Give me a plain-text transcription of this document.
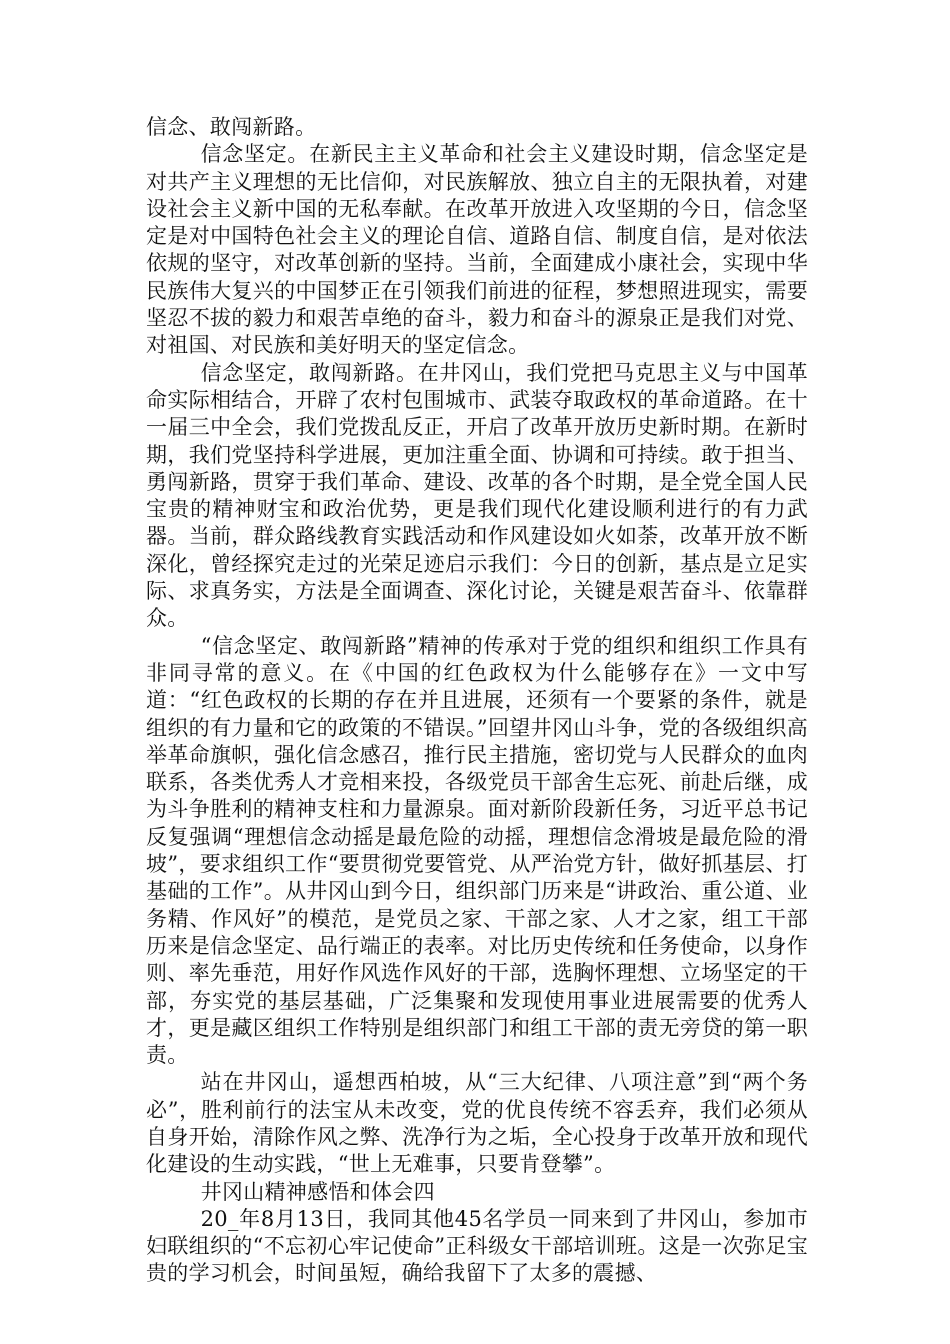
信念、敢闯新路。

信念坚定。在新民主主义革命和社会主义建设时期，信念坚定是对共产主义理想的无比信仰，对民族解放、独立自主的无限执着，对建设社会主义新中国的无私奉献。在改革开放进入攻坚期的今日，信念坚定是对中国特色社会主义的理论自信、道路自信、制度自信，是对依法依规的坚守，对改革创新的坚持。当前，全面建成小康社会，实现中华民族伟大复兴的中国梦正在引领我们前进的征程，梦想照进现实，需要坚忍不拔的毅力和艰苦卓绝的奋斗，毅力和奋斗的源泉正是我们对党、对祖国、对民族和美好明天的坚定信念。

信念坚定，敢闯新路。在井冈山，我们党把马克思主义与中国革命实际相结合，开辟了农村包围城市、武装夺取政权的革命道路。在十一届三中全会，我们党拨乱反正，开启了改革开放历史新时期。在新时期，我们党坚持科学进展，更加注重全面、协调和可持续。敢于担当、勇闯新路，贯穿于我们革命、建设、改革的各个时期，是全党全国人民宝贵的精神财宝和政治优势，更是我们现代化建设顺利进行的有力武器。当前，群众路线教育实践活动和作风建设如火如荼，改革开放不断深化，曾经探究走过的光荣足迹启示我们：今日的创新，基点是立足实际、求真务实，方法是全面调查、深化讨论，关键是艰苦奋斗、依靠群众。

“信念坚定、敢闯新路”精神的传承对于党的组织和组织工作具有非同寻常的意义。在《中国的红色政权为什么能够存在》一文中写道：“红色政权的长期的存在并且进展，还须有一个要紧的条件，就是组织的有力量和它的政策的不错误。”回望井冈山斗争，党的各级组织高举革命旗帜，强化信念感召，推行民主措施，密切党与人民群众的血肉联系，各类优秀人才竞相来投，各级党员干部舍生忘死、前赴后继，成为斗争胜利的精神支柱和力量源泉。面对新阶段新任务，习近平总书记反复强调“理想信念动摇是最危险的动摇，理想信念滑坡是最危险的滑坡”，要求组织工作“要贯彻党要管党、从严治党方针，做好抓基层、打基础的工作”。从井冈山到今日，组织部门历来是“讲政治、重公道、业务精、作风好”的模范，是党员之家、干部之家、人才之家，组工干部历来是信念坚定、品行端正的表率。对比历史传统和任务使命，以身作则、率先垂范，用好作风选作风好的干部，选胸怀理想、立场坚定的干部，夯实党的基层基础，广泛集聚和发现使用事业进展需要的优秀人才，更是藏区组织工作特别是组织部门和组工干部的责无旁贷的第一职责。

站在井冈山，遥想西柏坡，从“三大纪律、八项注意”到“两个务必”，胜利前行的法宝从未改变，党的优良传统不容丢弃，我们必须从自身开始，清除作风之弊、洗净行为之垢，全心投身于改革开放和现代化建设的生动实践，“世上无难事，只要肯登攀”。

井冈山精神感悟和体会四

20_年8月13日，我同其他45名学员一同来到了井冈山，参加市妇联组织的“不忘初心牢记使命”正科级女干部培训班。这是一次弥足宝贵的学习机会，时间虽短，确给我留下了太多的震撼、
